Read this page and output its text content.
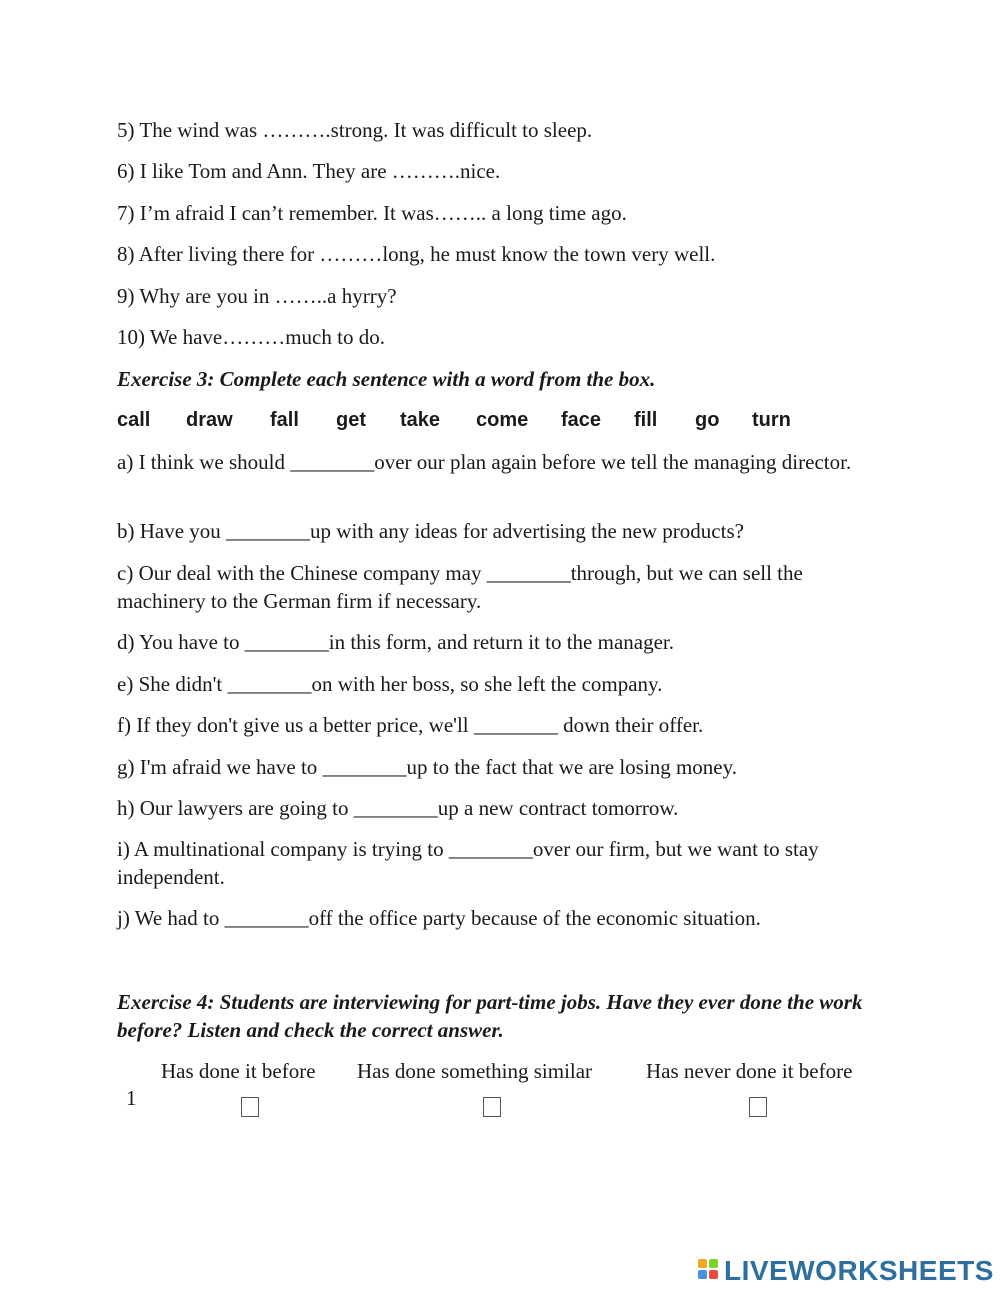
5) The wind was ……….strong. It was difficult to sleep.
6) I like Tom and Ann. They are ……….nice.
7) I’m afraid I can’t remember. It was…….. a long time ago.
8) After living there for ………long, he must know the town very well.
9) Why are you in ……..a hyrry?
10) We have………much to do.
Exercise 3: Complete each sentence with a word from the box.
call draw fall get take come face fill go turn
a) I think we should ________over our plan again before we tell the managing director.
b) Have you ________up with any ideas for advertising the new products?
c) Our deal with the Chinese company may ________through, but we can sell the machinery to the German firm if necessary.
d) You have to ________in this form, and return it to the manager.
e) She didn't ________on with her boss, so she left the company.
f) If they don't give us a better price, we'll ________ down their offer.
g) I'm afraid we have to ________up to the fact that we are losing money.
h) Our lawyers are going to ________up a new contract tomorrow.
i) A multinational company is trying to ________over our firm, but we want to stay independent.
j) We had to ________off the office party because of the economic situation.
Exercise 4: Students are interviewing for part-time jobs. Have they ever done the work before? Listen and check the correct answer.
Has done it before Has done something similar	Has never done it before
1
LIVEWORKSHEETS
